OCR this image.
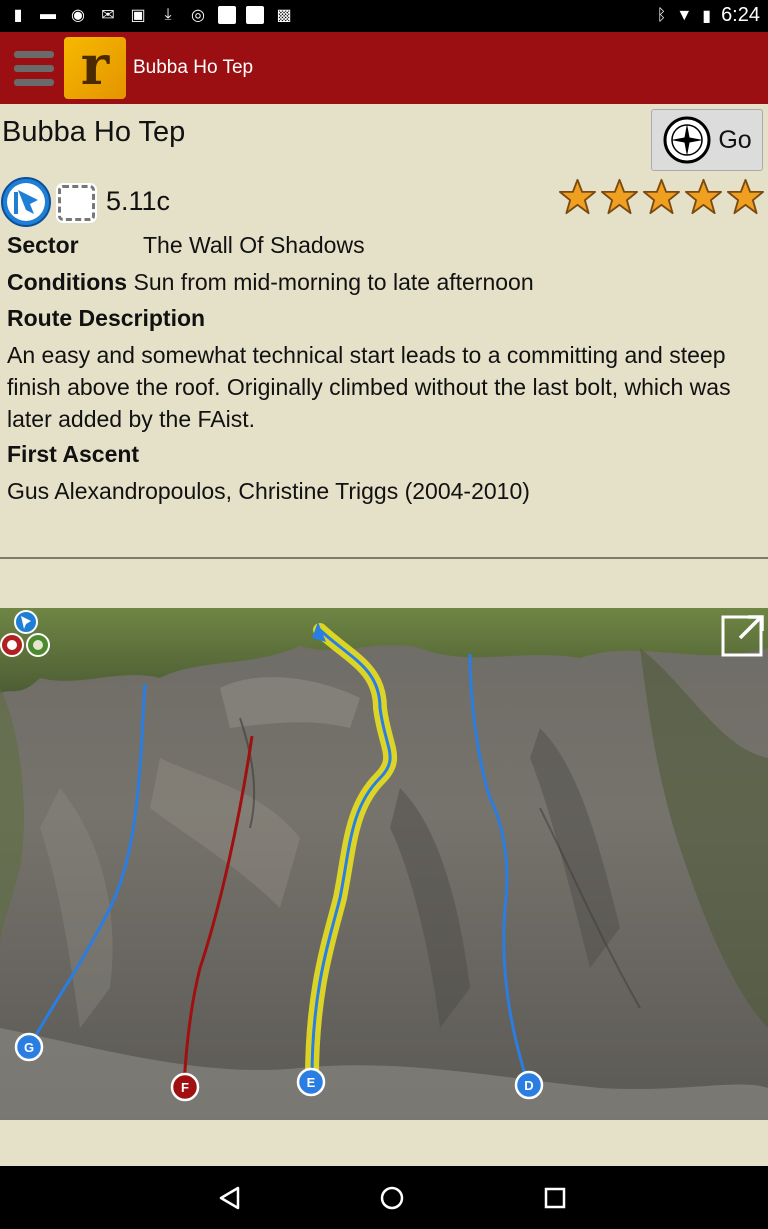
▮	▬ ◉ ✉ ▣	⤓	◎	▩	ᛒ ▼ ▮ 6:24
r Bubba Ho Tep
Bubba Ho Tep	Go
5.11c
Sector	The Wall Of Shadows
Conditions Sun from mid-morning to late afternoon
Route Description
An easy and somewhat technical start leads to a committing and steep finish above the roof. Originally climbed without the last bolt, which was later added by the FAist.
First Ascent
Gus Alexandropoulos, Christine Triggs (2004-2010)
G
F	E	D
